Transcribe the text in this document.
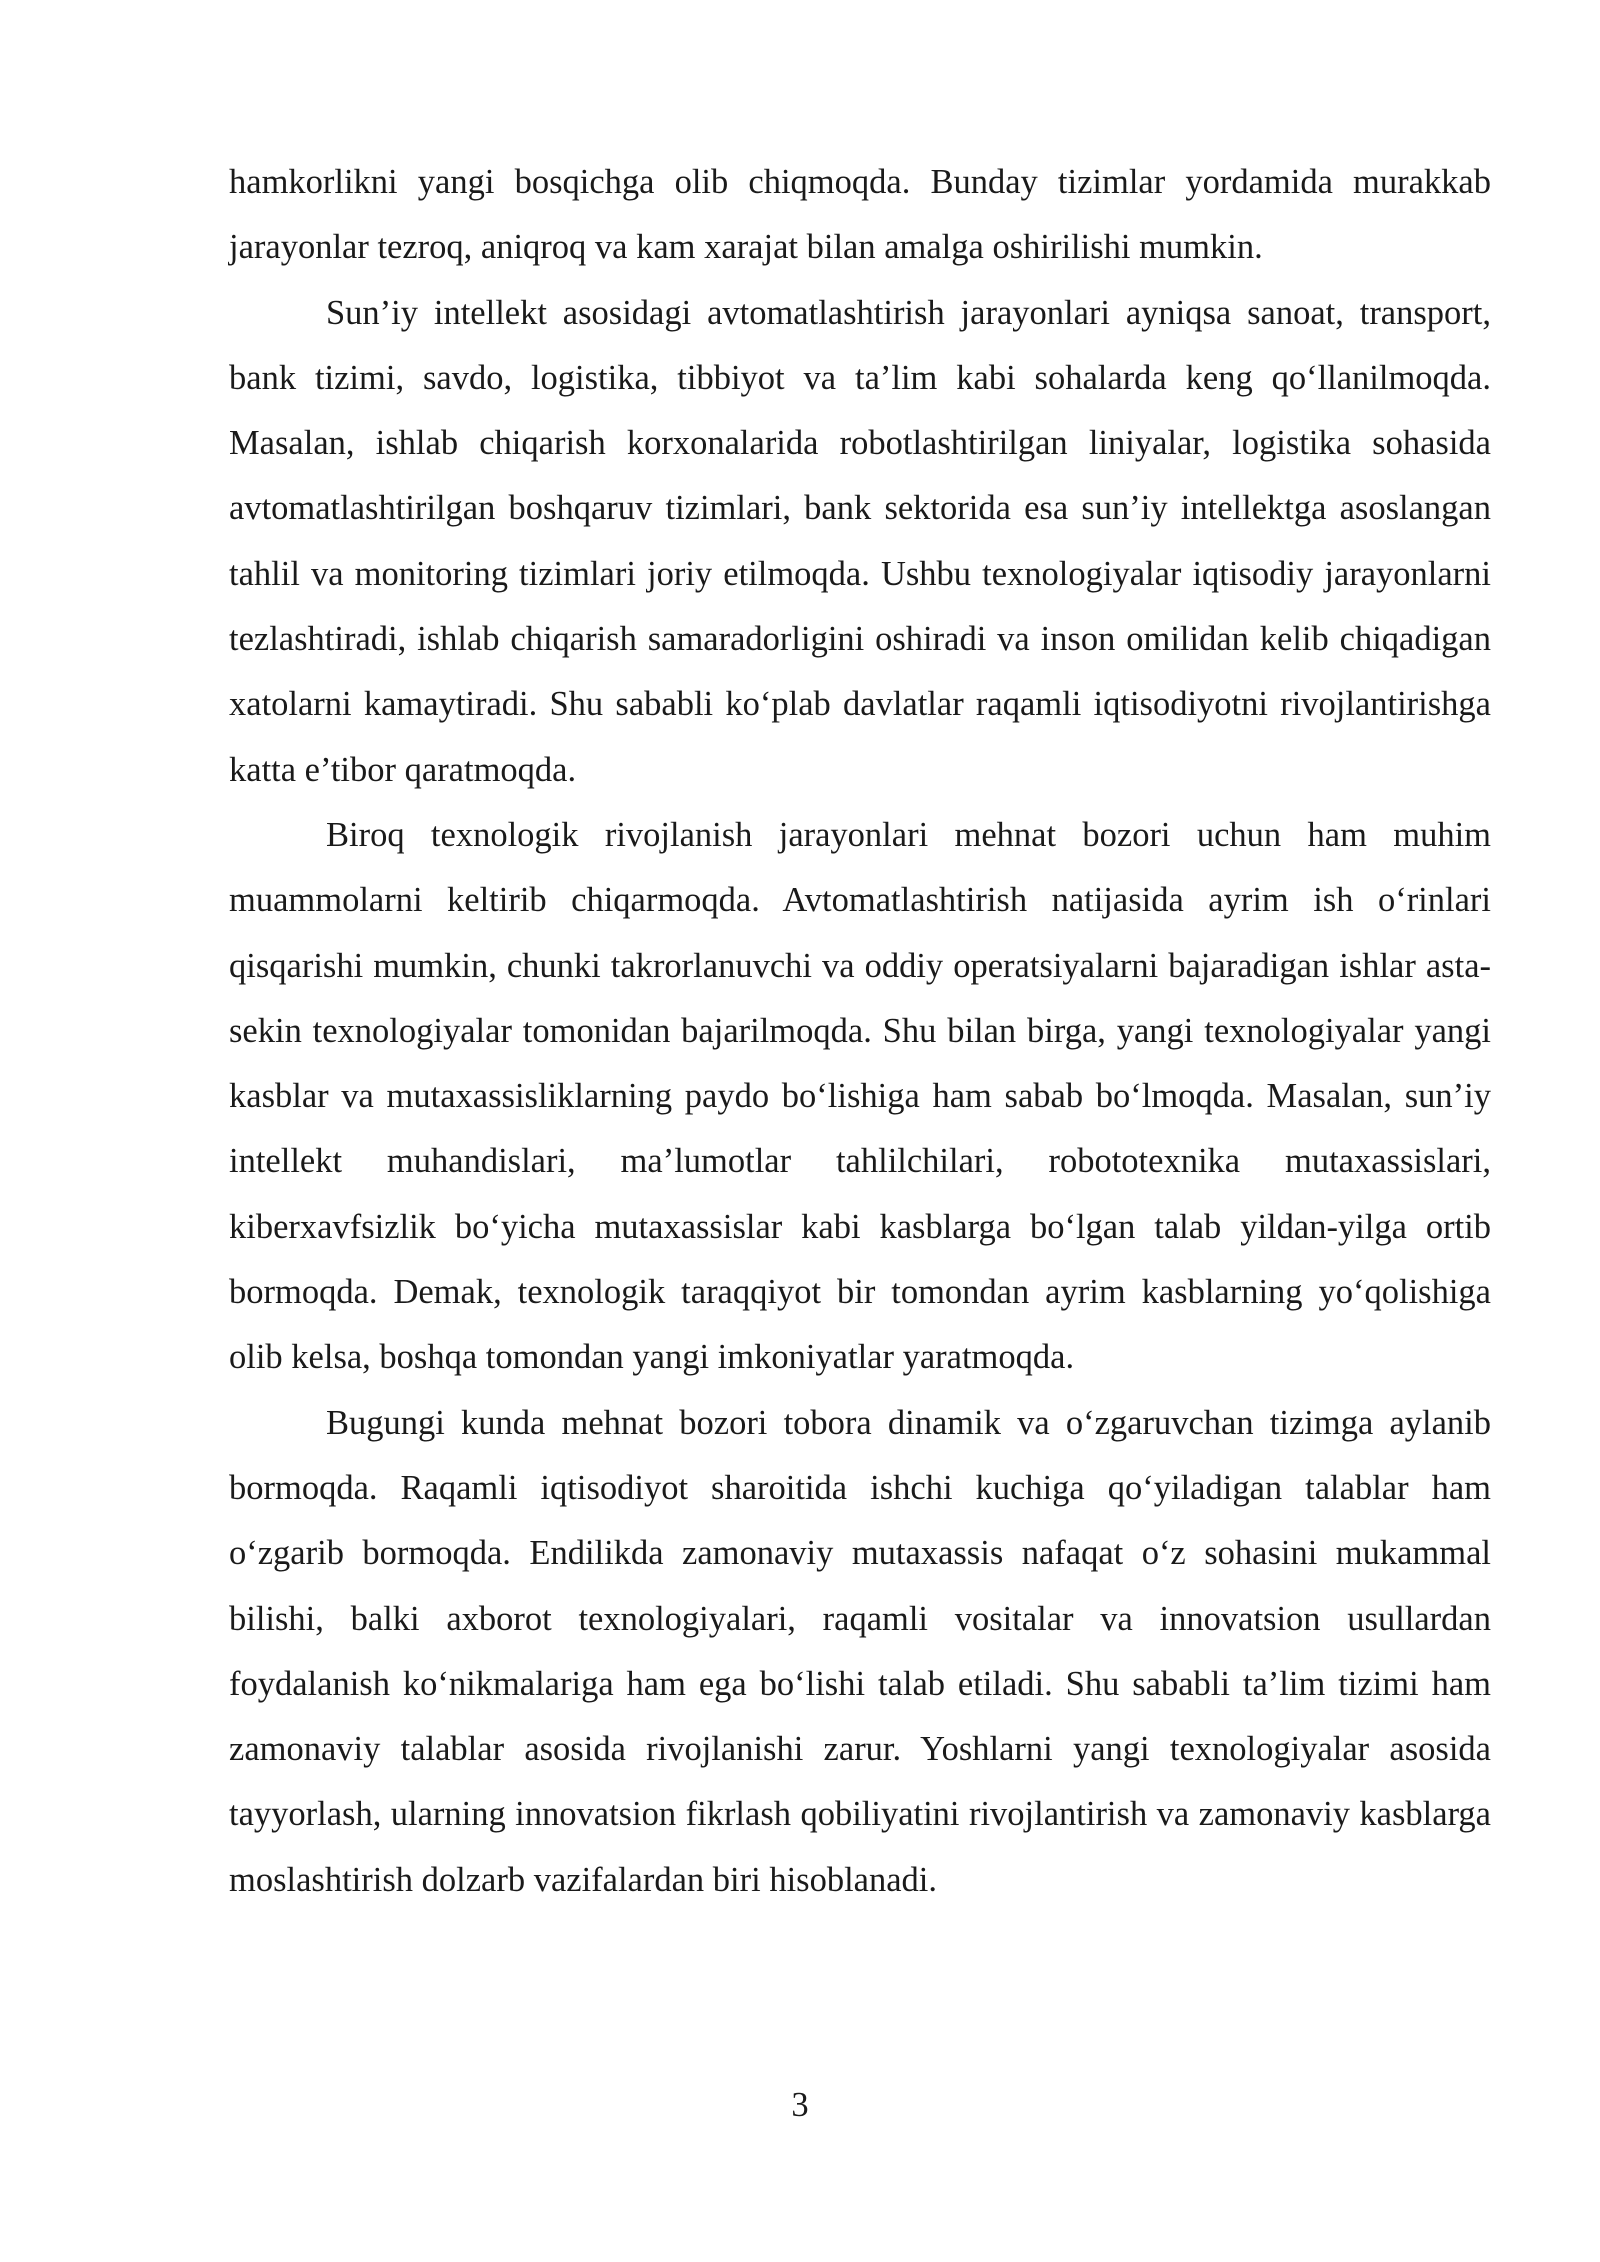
hamkorlikni yangi bosqichga olib chiqmoqda. Bunday tizimlar yordamida murakkab jarayonlar tezroq, aniqroq va kam xarajat bilan amalga oshirilishi mumkin.

Sun’iy intellekt asosidagi avtomatlashtirish jarayonlari ayniqsa sanoat, transport, bank tizimi, savdo, logistika, tibbiyot va ta’lim kabi sohalarda keng qo‘llanilmoqda. Masalan, ishlab chiqarish korxonalarida robotlashtirilgan liniyalar, logistika sohasida avtomatlashtirilgan boshqaruv tizimlari, bank sektorida esa sun’iy intellektga asoslangan tahlil va monitoring tizimlari joriy etilmoqda. Ushbu texnologiyalar iqtisodiy jarayonlarni tezlashtiradi, ishlab chiqarish samaradorligini oshiradi va inson omilidan kelib chiqadigan xatolarni kamaytiradi. Shu sababli ko‘plab davlatlar raqamli iqtisodiyotni rivojlantirishga katta e’tibor qaratmoqda.

Biroq texnologik rivojlanish jarayonlari mehnat bozori uchun ham muhim muammolarni keltirib chiqarmoqda. Avtomatlashtirish natijasida ayrim ish o‘rinlari qisqarishi mumkin, chunki takrorlanuvchi va oddiy operatsiyalarni bajaradigan ishlar asta-sekin texnologiyalar tomonidan bajarilmoqda. Shu bilan birga, yangi texnologiyalar yangi kasblar va mutaxassisliklarning paydo bo‘lishiga ham sabab bo‘lmoqda. Masalan, sun’iy intellekt muhandislari, ma’lumotlar tahlilchilari, robototexnika mutaxassislari, kiberxavfsizlik bo‘yicha mutaxassislar kabi kasblarga bo‘lgan talab yildan-yilga ortib bormoqda. Demak, texnologik taraqqiyot bir tomondan ayrim kasblarning yo‘qolishiga olib kelsa, boshqa tomondan yangi imkoniyatlar yaratmoqda.

Bugungi kunda mehnat bozori tobora dinamik va o‘zgaruvchan tizimga aylanib bormoqda. Raqamli iqtisodiyot sharoitida ishchi kuchiga qo‘yiladigan talablar ham o‘zgarib bormoqda. Endilikda zamonaviy mutaxassis nafaqat o‘z sohasini mukammal bilishi, balki axborot texnologiyalari, raqamli vositalar va innovatsion usullardan foydalanish ko‘nikmalariga ham ega bo‘lishi talab etiladi. Shu sababli ta’lim tizimi ham zamonaviy talablar asosida rivojlanishi zarur. Yoshlarni yangi texnologiyalar asosida tayyorlash, ularning innovatsion fikrlash qobiliyatini rivojlantirish va zamonaviy kasblarga moslashtirish dolzarb vazifalardan biri hisoblanadi.

3
